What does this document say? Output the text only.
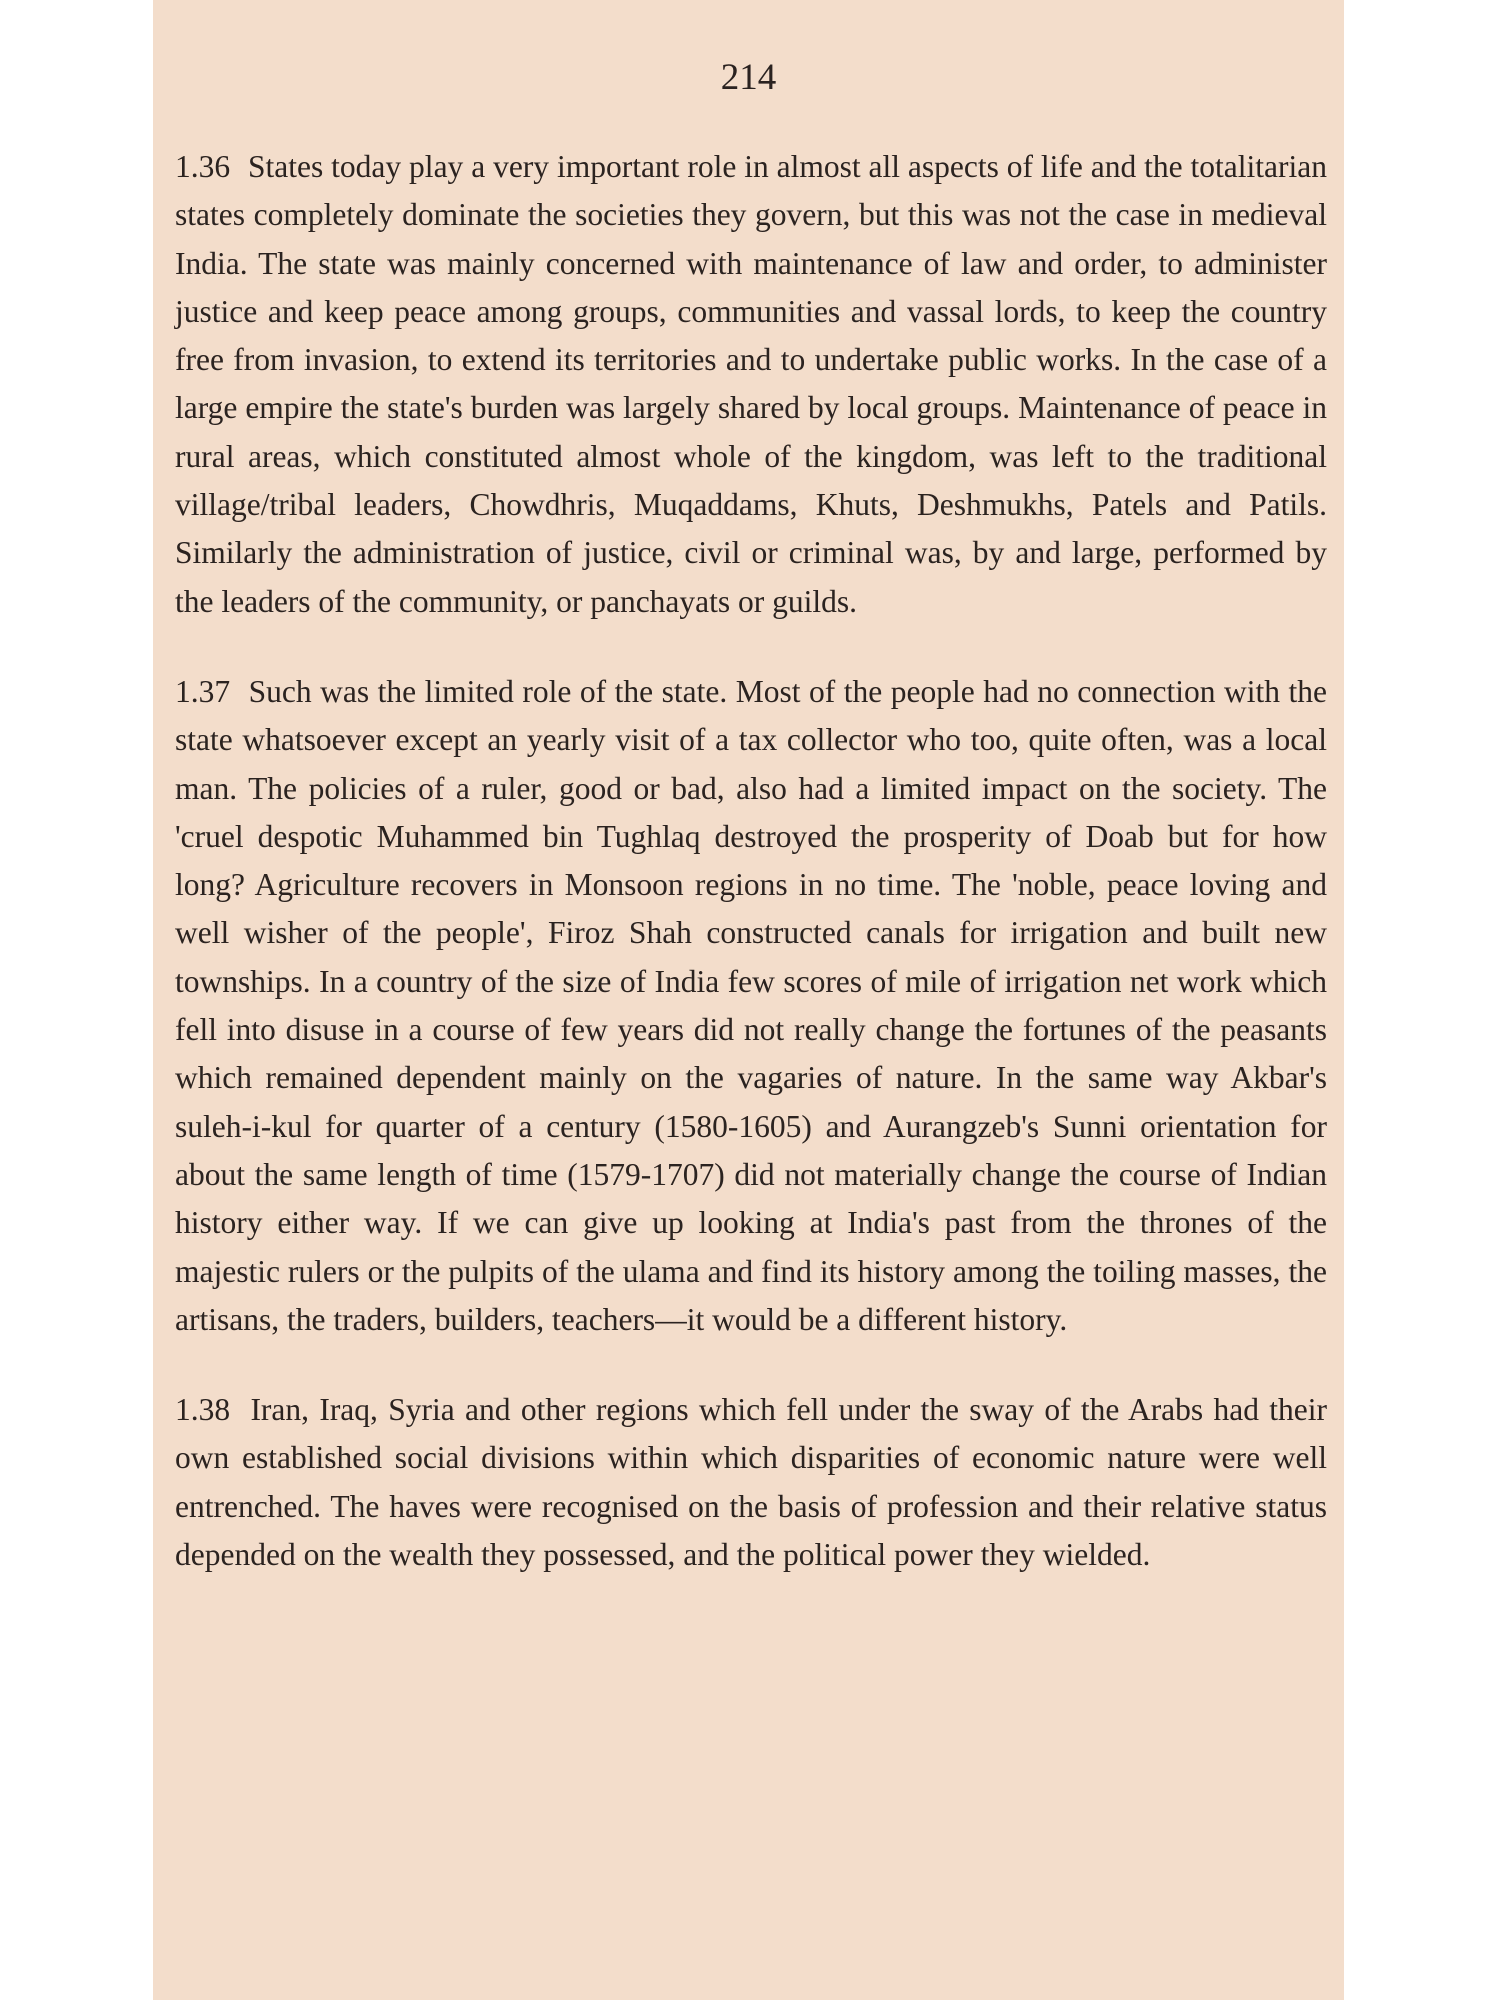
214

1.36 States today play a very important role in almost all aspects of life and the totalitarian states completely dominate the societies they govern, but this was not the case in medieval India. The state was mainly concerned with maintenance of law and order, to administer justice and keep peace among groups, communities and vassal lords, to keep the country free from invasion, to extend its territories and to undertake public works. In the case of a large empire the state's burden was largely shared by local groups. Maintenance of peace in rural areas, which constituted almost whole of the kingdom, was left to the traditional village/tribal leaders, Chowdhris, Muqaddams, Khuts, Deshmukhs, Patels and Patils. Similarly the administration of justice, civil or criminal was, by and large, performed by the leaders of the community, or panchayats or guilds.

1.37 Such was the limited role of the state. Most of the people had no connection with the state whatsoever except an yearly visit of a tax collector who too, quite often, was a local man. The policies of a ruler, good or bad, also had a limited impact on the society. The 'cruel despotic Muhammed bin Tughlaq destroyed the prosperity of Doab but for how long? Agriculture recovers in Monsoon regions in no time. The 'noble, peace loving and well wisher of the people', Firoz Shah constructed canals for irrigation and built new townships. In a country of the size of India few scores of mile of irrigation net work which fell into disuse in a course of few years did not really change the fortunes of the peasants which remained dependent mainly on the vagaries of nature. In the same way Akbar's suleh-i-kul for quarter of a century (1580-1605) and Aurangzeb's Sunni orientation for about the same length of time (1579-1707) did not materially change the course of Indian history either way. If we can give up looking at India's past from the thrones of the majestic rulers or the pulpits of the ulama and find its history among the toiling masses, the artisans, the traders, builders, teachers—it would be a different history.

1.38 Iran, Iraq, Syria and other regions which fell under the sway of the Arabs had their own established social divisions within which disparities of economic nature were well entrenched. The haves were recognised on the basis of profession and their relative status depended on the wealth they possessed, and the political power they wielded.
